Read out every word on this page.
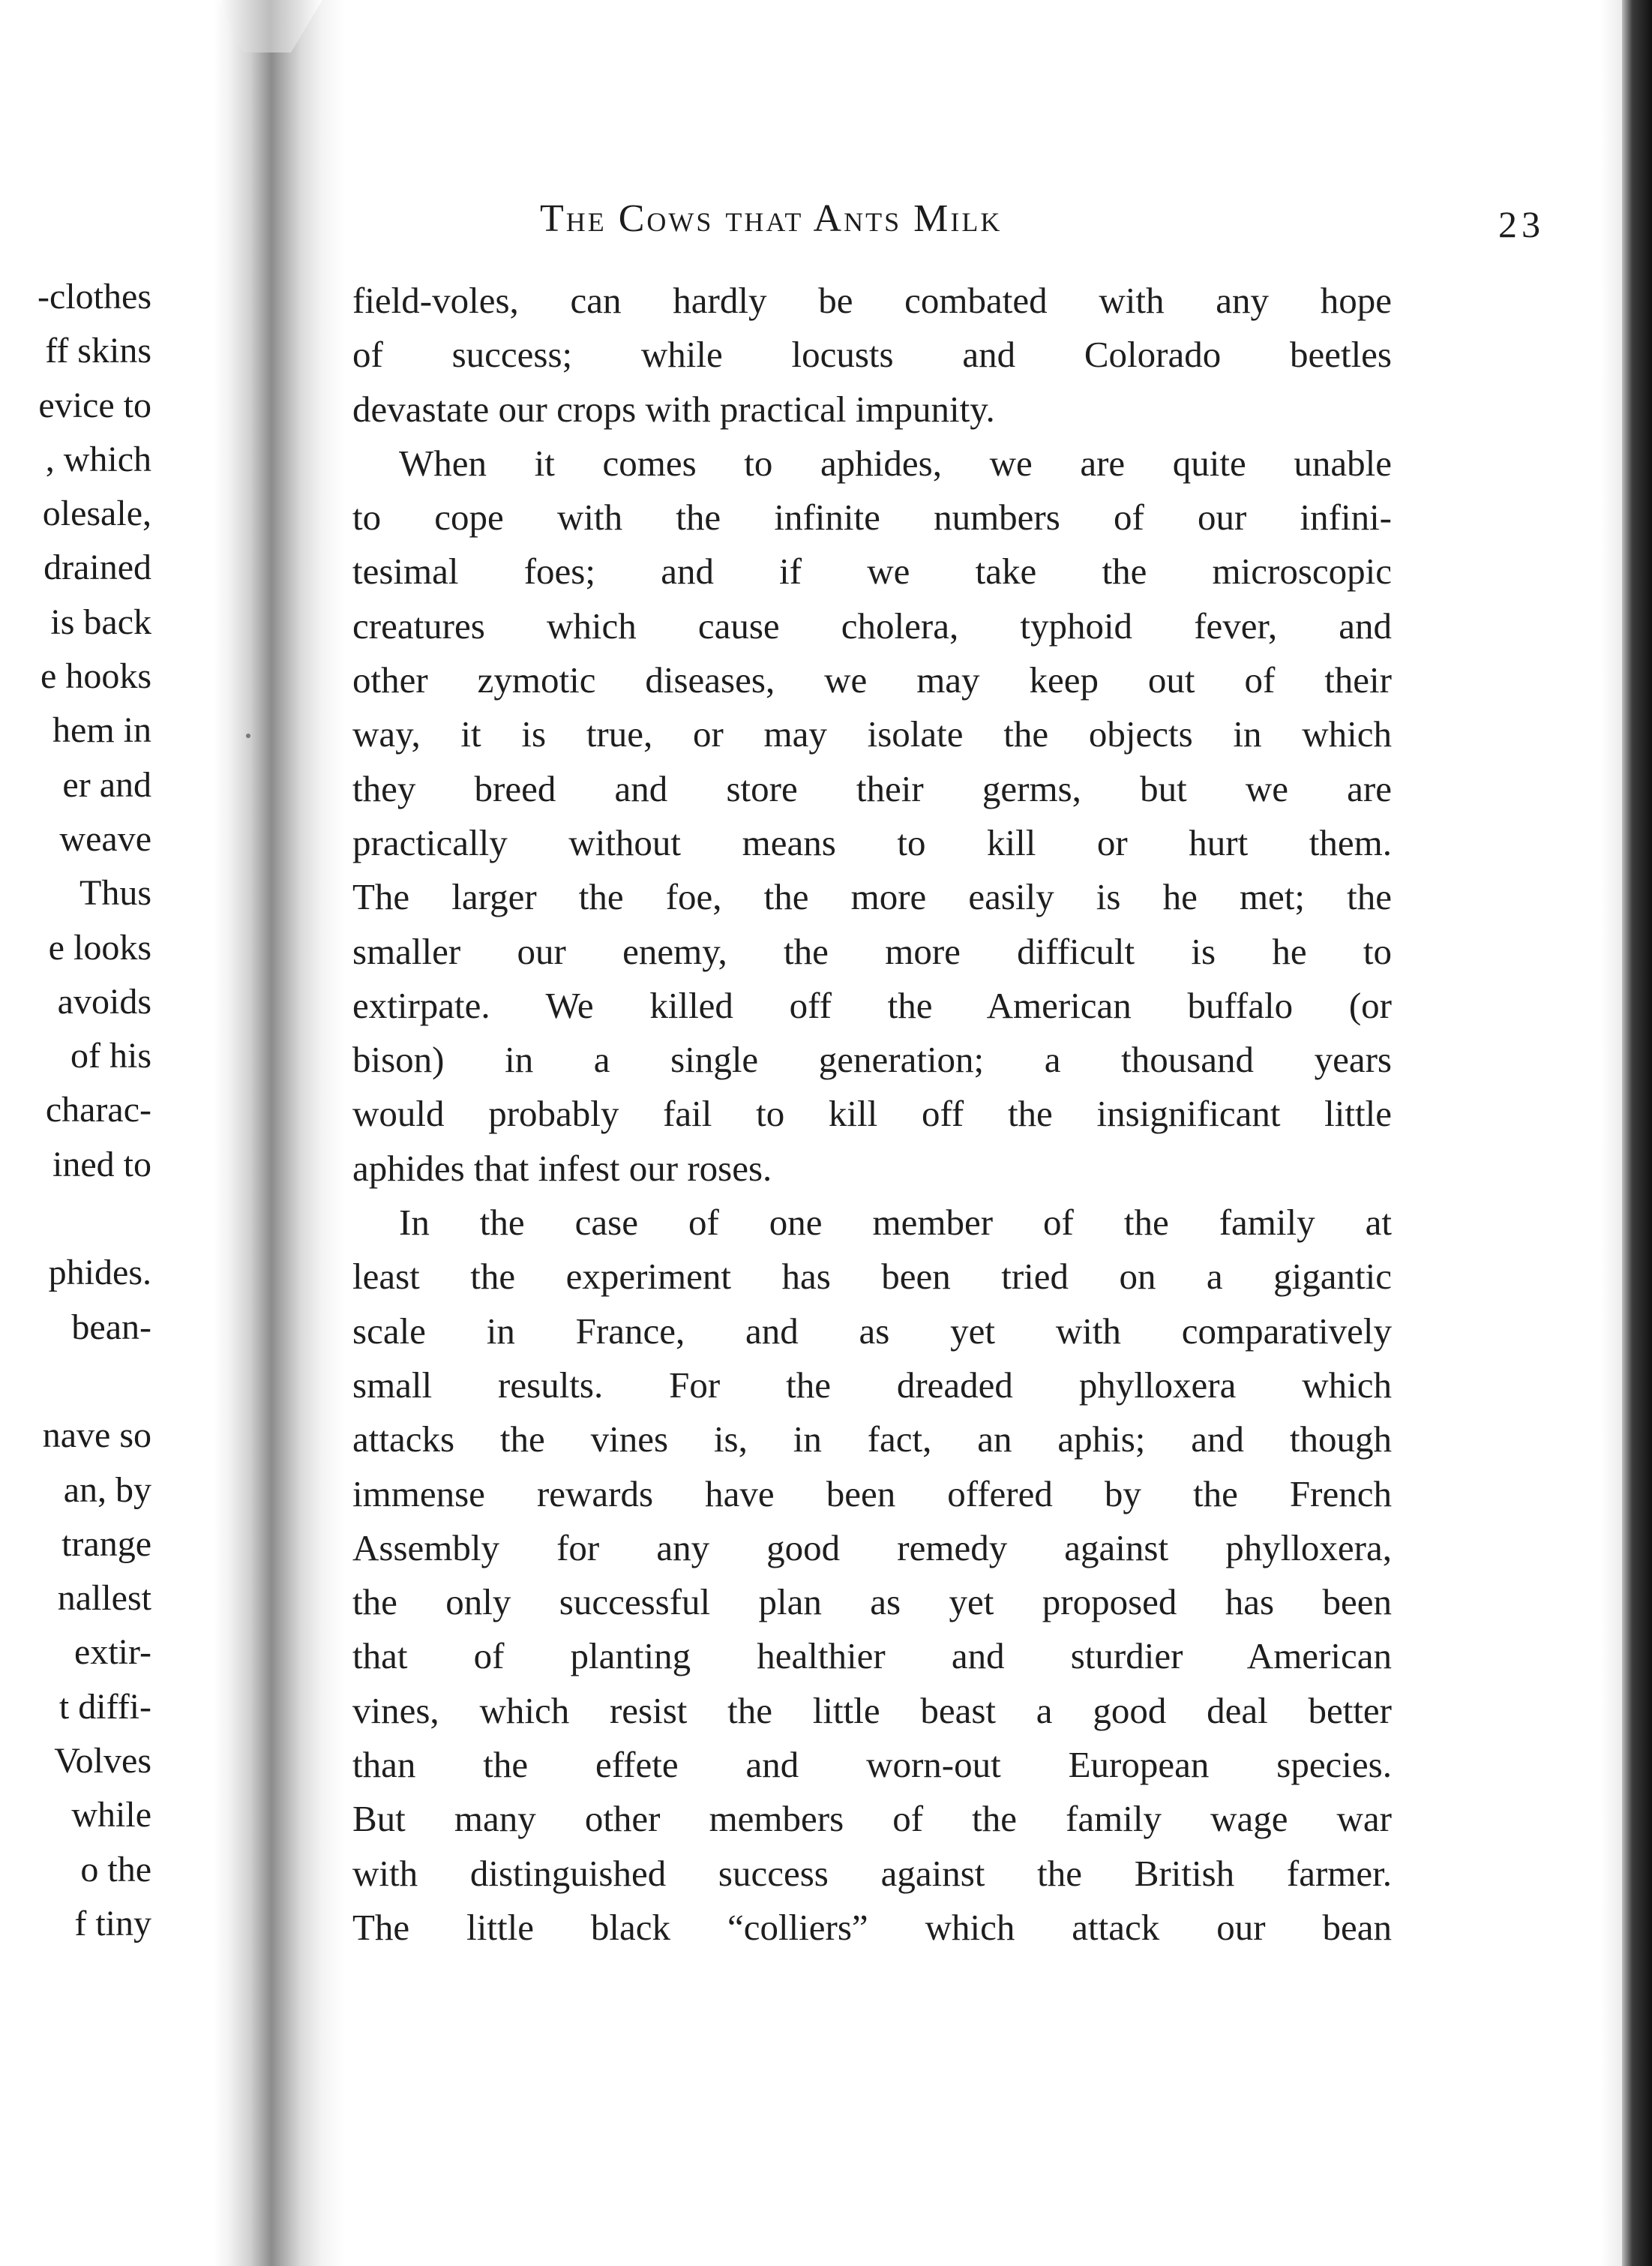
-clothes
ff skins
evice to
, which
olesale,
drained
is back
e hooks
hem in
er and
weave
Thus
e looks
avoids
of his
charac-
ined to
phides.
bean-
nave so
an, by
trange
nallest
extir-
t diffi-
Volves
while
o the
f tiny
The Cows that Ants Milk	23
field-voles, can hardly be combated with any hope
of success; while locusts and Colorado beetles
devastate our crops with practical impunity.
When it comes to aphides, we are quite unable
to cope with the infinite numbers of our infini-
tesimal foes; and if we take the microscopic
creatures which cause cholera, typhoid fever, and
other zymotic diseases, we may keep out of their
way, it is true, or may isolate the objects in which
they breed and store their germs, but we are
practically without means to kill or hurt them.
The larger the foe, the more easily is he met; the
smaller our enemy, the more difficult is he to
extirpate. We killed off the American buffalo (or
bison) in a single generation; a thousand years
would probably fail to kill off the insignificant little
aphides that infest our roses.
In the case of one member of the family at
least the experiment has been tried on a gigantic
scale in France, and as yet with comparatively
small results. For the dreaded phylloxera which
attacks the vines is, in fact, an aphis; and though
immense rewards have been offered by the French
Assembly for any good remedy against phylloxera,
the only successful plan as yet proposed has been
that of planting healthier and sturdier American
vines, which resist the little beast a good deal better
than the effete and worn-out European species.
But many other members of the family wage war
with distinguished success against the British farmer.
The little black “colliers” which attack our bean
